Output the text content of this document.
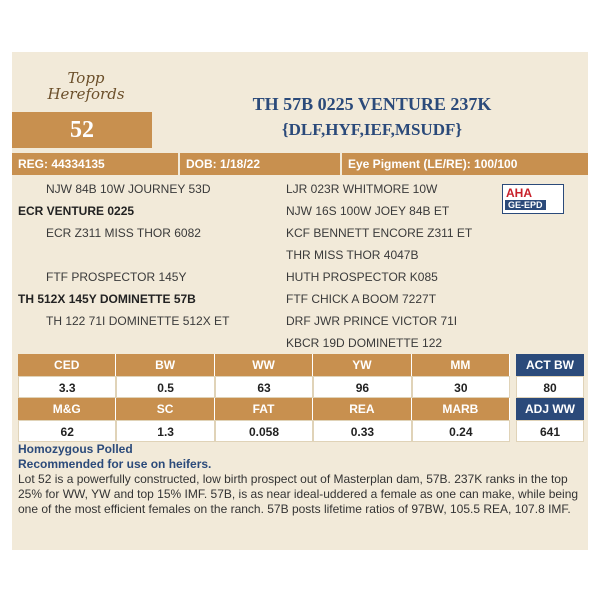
Topp Herefords
52
TH 57B 0225 VENTURE 237K
{DLF,HYF,IEF,MSUDF}
REG: 44334135	DOB: 1/18/22	Eye Pigment (LE/RE): 100/100
NJW 84B 10W JOURNEY 53D
ECR VENTURE 0225
ECR Z311 MISS THOR 6082
FTF PROSPECTOR 145Y
TH 512X 145Y DOMINETTE 57B
TH 122 71I DOMINETTE 512X ET
LJR 023R WHITMORE 10W
NJW 16S 100W JOEY 84B ET
KCF BENNETT ENCORE Z311 ET
THR MISS THOR 4047B
HUTH PROSPECTOR K085
FTF CHICK A BOOM 7227T
DRF JWR PRINCE VICTOR 71I
KBCR 19D DOMINETTE 122
AHA
GE-EPD
CED	BW	WW	YW	MM
3.3	0.5	63	96	30
M&G	SC	FAT	REA	MARB
62	1.3	0.058	0.33	0.24
ACT BW
80
ADJ WW
641
Homozygous Polled
Recommended for use on heifers.
Lot 52 is a powerfully constructed, low birth prospect out of Masterplan dam, 57B. 237K ranks in the top 25% for WW, YW and top 15% IMF. 57B, is as near ideal-uddered a female as one can make, while being one of the most efficient females on the ranch. 57B posts lifetime ratios of 97BW, 105.5 REA, 107.8 IMF.
